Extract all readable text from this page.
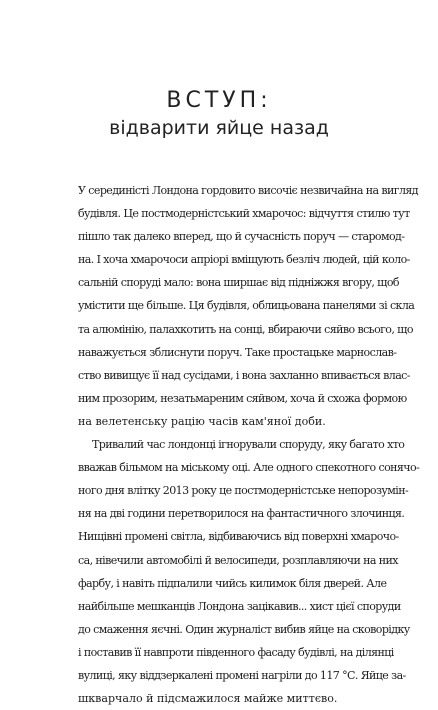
ВСТУП:
відварити яйце назад

У серединісті Лондона гордовито височіє незвичайна на вигляд
будівля. Це постмодерністський хмарочос: відчуття стилю тут
пішло так далеко вперед, що й сучасність поруч — старомод-
на. І хоча хмарочоси апріорі вміщують безліч людей, цій коло-
сальній споруді мало: вона ширшає від підніжжя вгору, щоб
умістити ще більше. Ця будівля, облицьована панелями зі скла
та алюмінію, палахкотить на сонці, вбираючи сяйво всього, що
наважується зблиснути поруч. Таке простацьке марнослав-
ство вивищує її над сусідами, і вона захланно впивається влас-
ним прозорим, незатьмареним сяйвом, хоча й схожа формою
на велетенську рацію часів кам'яної доби.

Тривалий час лондонці ігнорували споруду, яку багато хто
вважав більмом на міському оці. Але одного спекотного сонячо-
ного дня влітку 2013 року це постмодерністське непорозумін-
ня на дві години перетворилося на фантастичного злочинця.
Нищівні промені світла, відбиваючись від поверхні хмарочо-
са, нівечили автомобілі й велосипеди, розплавляючи на них
фарбу, і навіть підпалили чийсь килимок біля дверей. Але
найбільше мешканців Лондона зацікавив... хист цієї споруди
до смаження яєчні. Один журналіст вибив яйце на сковорідку
і поставив її навпроти південного фасаду будівлі, на ділянці
вулиці, яку віддзеркалені промені нагріли до 117 °С. Яйце за-
шкварчало й підсмажилося майже миттєво.
